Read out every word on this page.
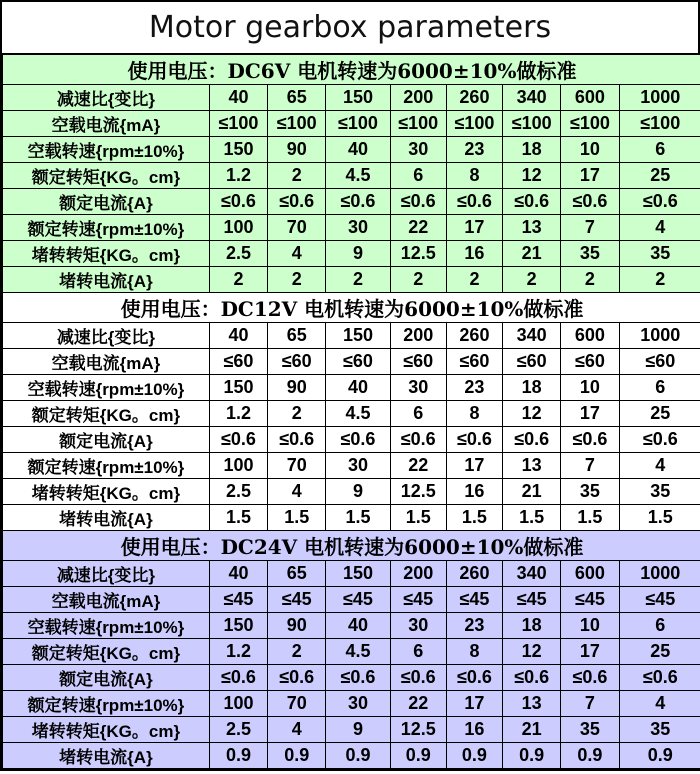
Motor gearbox parameters
使用电压：DC6V 电机转速为6000±10%做标准								
减速比{变比}	40	65	150	200	260	340	600	1000
空载电流{mA}	≤100	≤100	≤100	≤100	≤100	≤100	≤100	≤100
空载转速{rpm±10%}	150	90	40	30	23	18	10	6
额定转矩{KG。cm}	1.2	2	4.5	6	8	12	17	25
额定电流{A}	≤0.6	≤0.6	≤0.6	≤0.6	≤0.6	≤0.6	≤0.6	≤0.6
额定转速{rpm±10%}	100	70	30	22	17	13	7	4
堵转转矩{KG。cm}	2.5	4	9	12.5	16	21	35	35
堵转电流{A}	2	2	2	2	2	2	2	2
使用电压：DC12V 电机转速为6000±10%做标准								
减速比{变比}	40	65	150	200	260	340	600	1000
空载电流{mA}	≤60	≤60	≤60	≤60	≤60	≤60	≤60	≤60
空载转速{rpm±10%}	150	90	40	30	23	18	10	6
额定转矩{KG。cm}	1.2	2	4.5	6	8	12	17	25
额定电流{A}	≤0.6	≤0.6	≤0.6	≤0.6	≤0.6	≤0.6	≤0.6	≤0.6
额定转速{rpm±10%}	100	70	30	22	17	13	7	4
堵转转矩{KG。cm}	2.5	4	9	12.5	16	21	35	35
堵转电流{A}	1.5	1.5	1.5	1.5	1.5	1.5	1.5	1.5
使用电压：DC24V 电机转速为6000±10%做标准								
减速比{变比}	40	65	150	200	260	340	600	1000
空载电流{mA}	≤45	≤45	≤45	≤45	≤45	≤45	≤45	≤45
空载转速{rpm±10%}	150	90	40	30	23	18	10	6
额定转矩{KG。cm}	1.2	2	4.5	6	8	12	17	25
额定电流{A}	≤0.6	≤0.6	≤0.6	≤0.6	≤0.6	≤0.6	≤0.6	≤0.6
额定转速{rpm±10%}	100	70	30	22	17	13	7	4
堵转转矩{KG。cm}	2.5	4	9	12.5	16	21	35	35
堵转电流{A}	0.9	0.9	0.9	0.9	0.9	0.9	0.9	0.9
